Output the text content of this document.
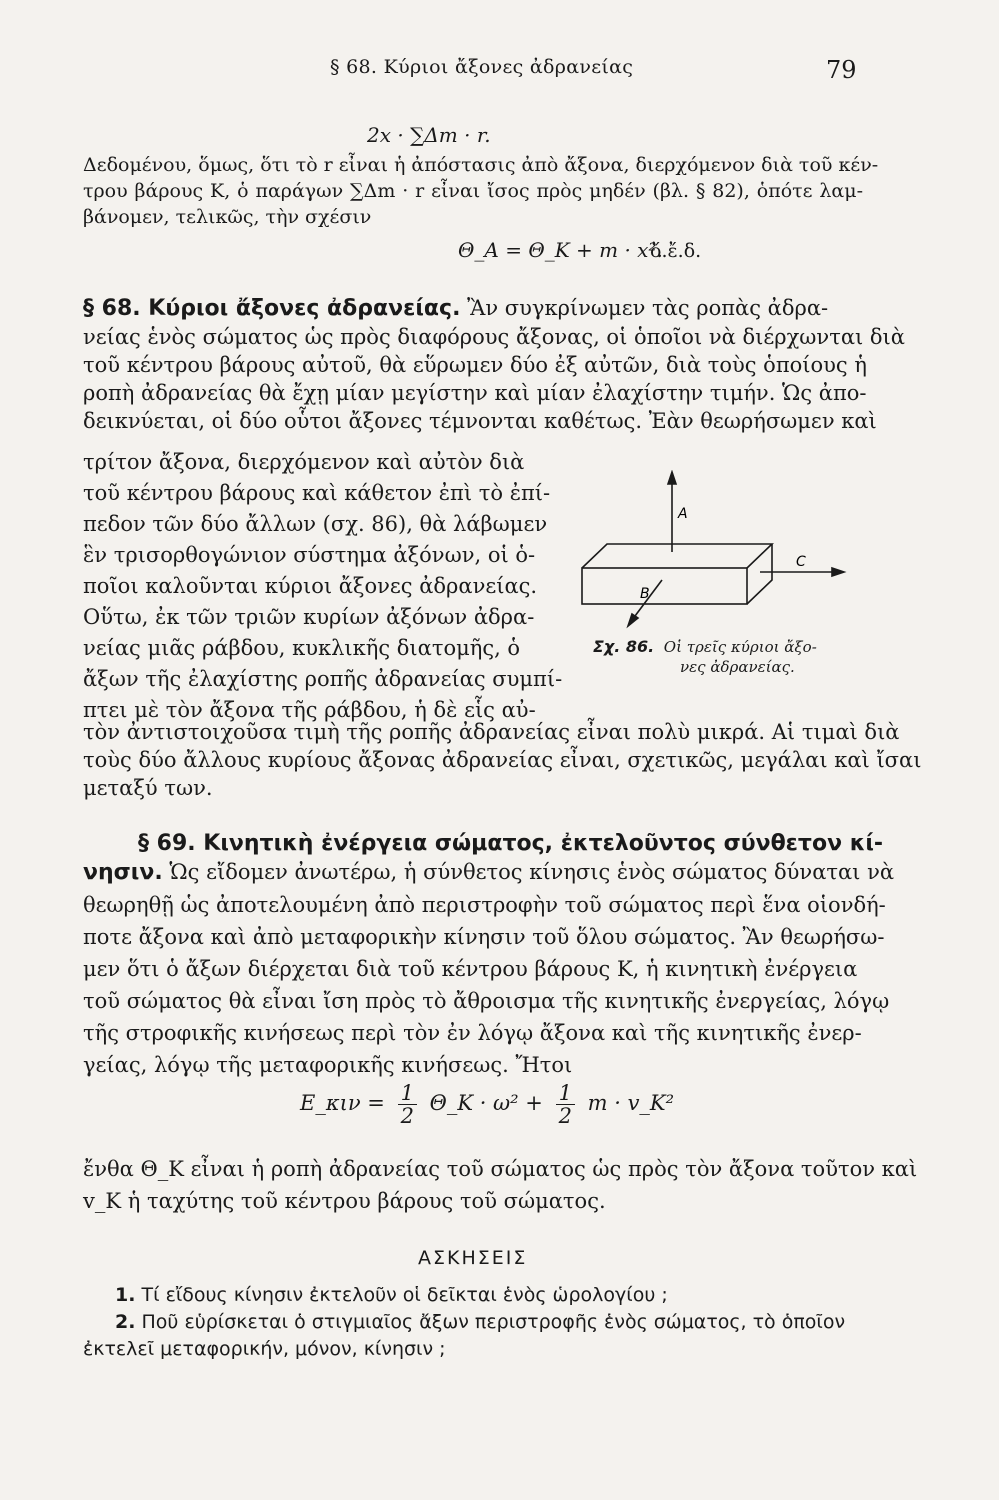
§ 68. Κύριοι ἄξονες ἀδρανείας	79
2x · ∑Δm · r.
Δεδομένου, ὅμως, ὅτι τὸ r εἶναι ἡ ἀπόστασις ἀπὸ ἄξονα, διερχόμενον διὰ τοῦ κέν-
τρου βάρους K, ὁ παράγων ∑Δm · r εἶναι ἴσος πρὸς μηδέν (βλ. § 82), ὁπότε λαμ-
βάνομεν, τελικῶς, τὴν σχέσιν
Θ_A = Θ_K + m · x².
ὅ.ἔ.δ.
§ 68. Κύριοι ἄξονες ἀδρανείας. Ἂν συγκρίνωμεν τὰς ροπὰς ἀδρα-
νείας ἑνὸς σώματος ὡς πρὸς διαφόρους ἄξονας, οἱ ὁποῖοι νὰ διέρχωνται διὰ
τοῦ κέντρου βάρους αὐτοῦ, θὰ εὕρωμεν δύο ἐξ αὐτῶν, διὰ τοὺς ὁποίους ἡ
ροπὴ ἀδρανείας θὰ ἔχῃ μίαν μεγίστην καὶ μίαν ἐλαχίστην τιμήν. Ὡς ἀπο-
δεικνύεται, οἱ δύο οὗτοι ἄξονες τέμνονται καθέτως. Ἐὰν θεωρήσωμεν καὶ
τρίτον ἄξονα, διερχόμενον καὶ αὐτὸν διὰ
τοῦ κέντρου βάρους καὶ κάθετον ἐπὶ τὸ ἐπί-
πεδον τῶν δύο ἄλλων (σχ. 86), θὰ λάβωμεν
ἓν τρισορθογώνιον σύστημα ἀξόνων, οἱ ὁ-
ποῖοι καλοῦνται κύριοι ἄξονες ἀδρανείας.
Οὕτω, ἐκ τῶν τριῶν κυρίων ἀξόνων ἀδρα-
νείας μιᾶς ράβδου, κυκλικῆς διατομῆς, ὁ
ἄξων τῆς ἐλαχίστης ροπῆς ἀδρανείας συμπί-
πτει μὲ τὸν ἄξονα τῆς ράβδου, ἡ δὲ εἷς αὐ-
τὸν ἀντιστοιχοῦσα τιμὴ τῆς ροπῆς ἀδρανείας εἶναι πολὺ μικρά. Αἱ τιμαὶ διὰ
τοὺς δύο ἄλλους κυρίους ἄξονας ἀδρανείας εἶναι, σχετικῶς, μεγάλαι καὶ ἴσαι
μεταξύ των.
A
C
B
Σχ. 86. Οἱ τρεῖς κύριοι ἄξο-
νες ἀδρανείας.
§ 69. Κινητικὴ ἐνέργεια σώματος, ἐκτελοῦντος σύνθετον κί-
νησιν. Ὡς εἴδομεν ἀνωτέρω, ἡ σύνθετος κίνησις ἑνὸς σώματος δύναται νὰ
θεωρηθῇ ὡς ἀποτελουμένη ἀπὸ περιστροφὴν τοῦ σώματος περὶ ἕνα οἱονδή-
ποτε ἄξονα καὶ ἀπὸ μεταφορικὴν κίνησιν τοῦ ὅλου σώματος. Ἂν θεωρήσω-
μεν ὅτι ὁ ἄξων διέρχεται διὰ τοῦ κέντρου βάρους K, ἡ κινητικὴ ἐνέργεια
τοῦ σώματος θὰ εἶναι ἴση πρὸς τὸ ἄθροισμα τῆς κινητικῆς ἐνεργείας, λόγῳ
τῆς στροφικῆς κινήσεως περὶ τὸν ἐν λόγῳ ἄξονα καὶ τῆς κινητικῆς ἐνερ-
γείας, λόγῳ τῆς μεταφορικῆς κινήσεως. Ἤτοι
E_κιν = $\frac{1}{2}$ Θ_K · $\omega^2 + \frac{1}{2}$ m · v_K²
ἔνθα Θ_K εἶναι ἡ ροπὴ ἀδρανείας τοῦ σώματος ὡς πρὸς τὸν ἄξονα τοῦτον καὶ
v_K ἡ ταχύτης τοῦ κέντρου βάρους τοῦ σώματος.
ΑΣΚΗΣΕΙΣ
1. Τί εἴδους κίνησιν ἐκτελοῦν οἱ δεῖκται ἑνὸς ὡρολογίου ;
2. Ποῦ εὑρίσκεται ὁ στιγμιαῖος ἄξων περιστροφῆς ἑνὸς σώματος, τὸ ὁποῖον
ἐκτελεῖ μεταφορικήν, μόνον, κίνησιν ;
